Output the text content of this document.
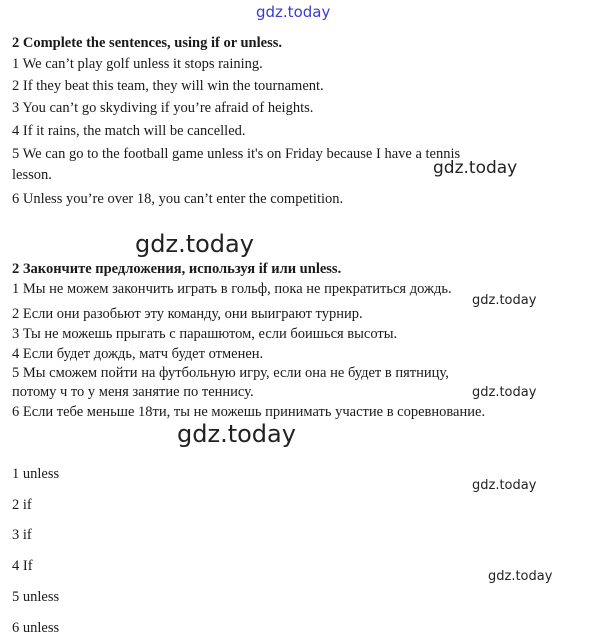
gdz.today
gdz.today
gdz.today
gdz.today
gdz.today
gdz.today
gdz.today
gdz.today
2 Complete the sentences, using if or unless.
1 We can’t play golf unless it stops raining.
2 If they beat this team, they will win the tournament.
3 You can’t go skydiving if you’re afraid of heights.
4 If it rains, the match will be cancelled.
5 We can go to the football game unless it's on Friday because I have a tennis
lesson.
6 Unless you’re over 18, you can’t enter the competition.
2 Закончите предложения, используя if или unless.
1 Мы не можем закончить играть в гольф, пока не прекратиться дождь.
2 Если они разобьют эту команду, они выиграют турнир.
3 Ты не можешь прыгать с парашютом, если боишься высоты.
4 Если будет дождь, матч будет отменен.
5 Мы сможем пойти на футбольную игру, если она не будет в пятницу,
потому ч то у меня занятие по теннису.
6 Если тебе меньше 18ти, ты не можешь принимать участие в соревнование.
1 unless
2 if
3 if
4 If
5 unless
6 unless
